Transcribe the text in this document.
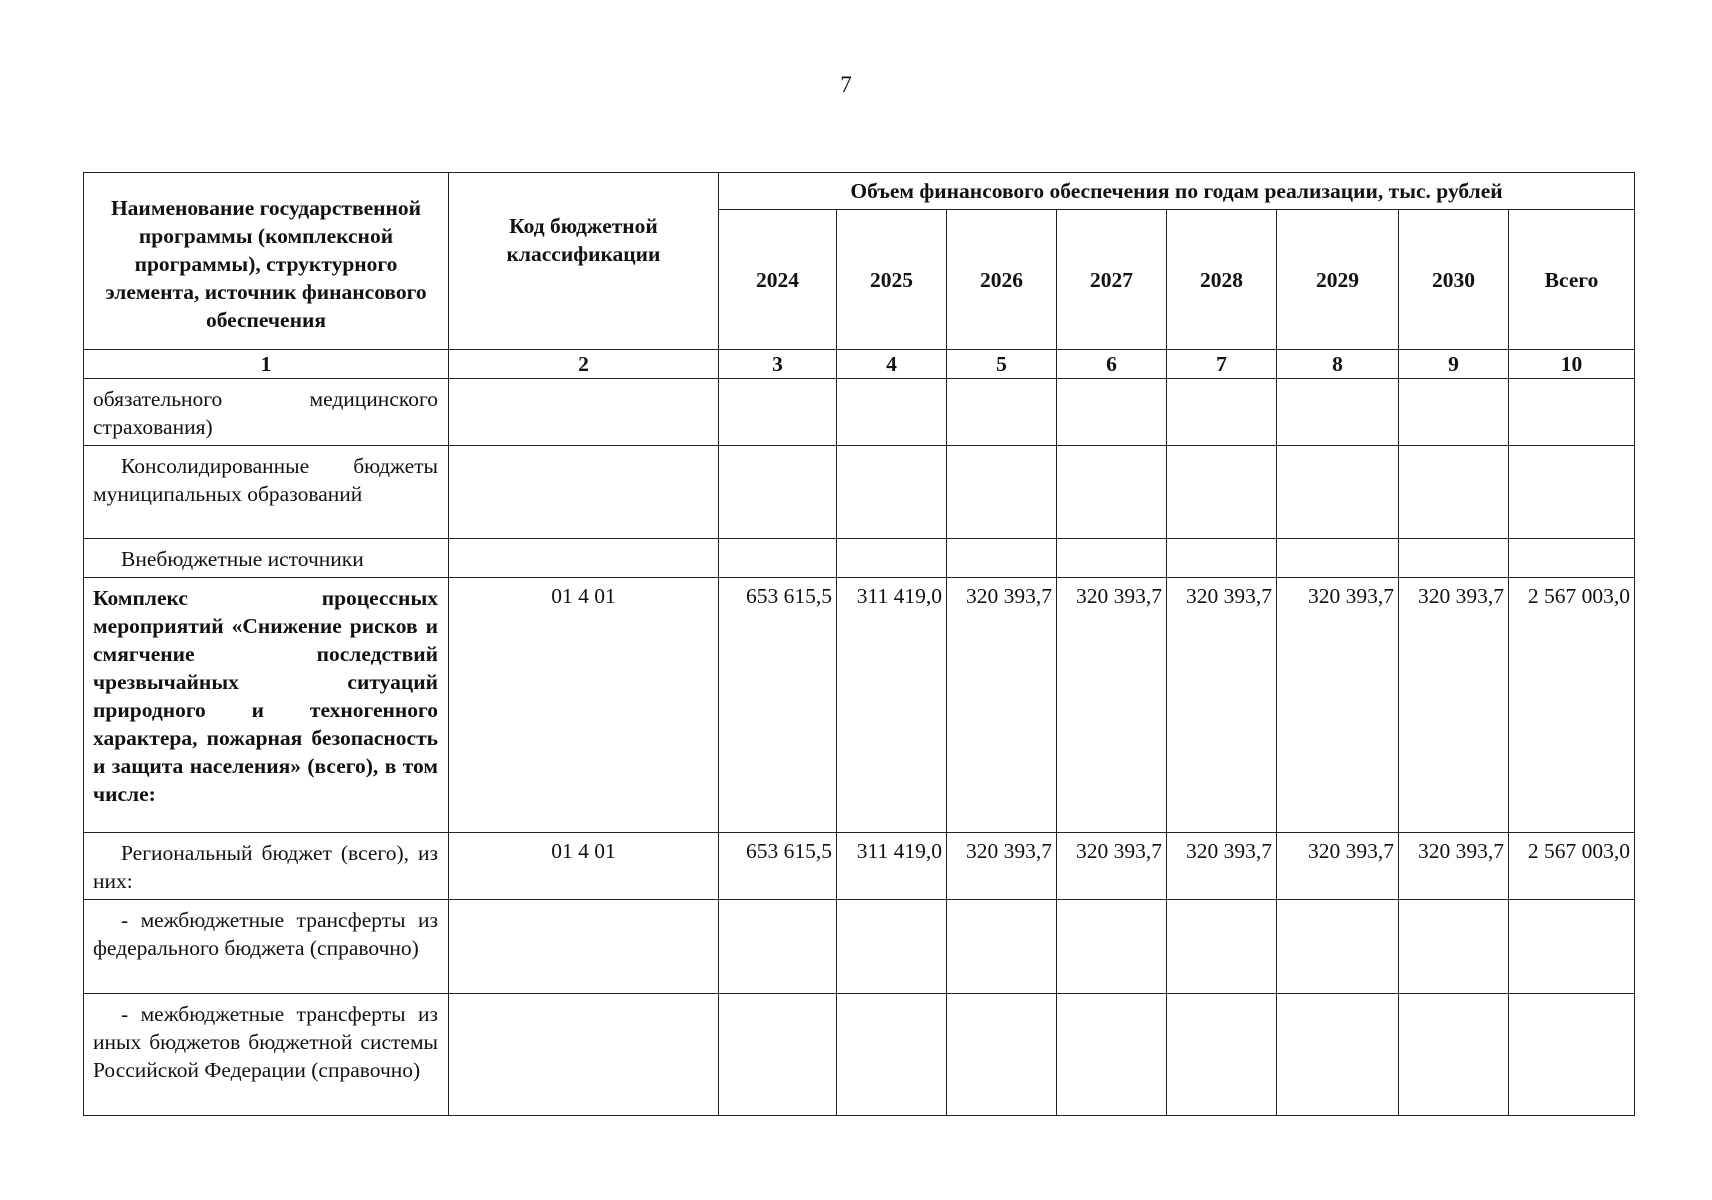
7
Наименование государственной программы (комплексной программы), структурного элемента, источник финансового обеспечения	Код бюджетной классификации	Объем финансового обеспечения по годам реализации, тыс. рублей							
		2024	2025	2026	2027	2028	2029	2030	Всего
1	2	3	4	5	6	7	8	9	10
обязательного медицинского страхования)									
Консолидированные бюджеты муниципальных образований									
Внебюджетные источники									
Комплекс процессных мероприятий «Снижение рисков и смягчение последствий чрезвычайных ситуаций природного и техногенного характера, пожарная безопасность и защита населения» (всего), в том числе:	01 4 01	653 615,5	311 419,0	320 393,7	320 393,7	320 393,7	320 393,7	320 393,7	2 567 003,0
Региональный бюджет (всего), из них:	01 4 01	653 615,5	311 419,0	320 393,7	320 393,7	320 393,7	320 393,7	320 393,7	2 567 003,0
- межбюджетные трансферты из федерального бюджета (справочно)									
- межбюджетные трансферты из иных бюджетов бюджетной системы Российской Федерации (справочно)									
